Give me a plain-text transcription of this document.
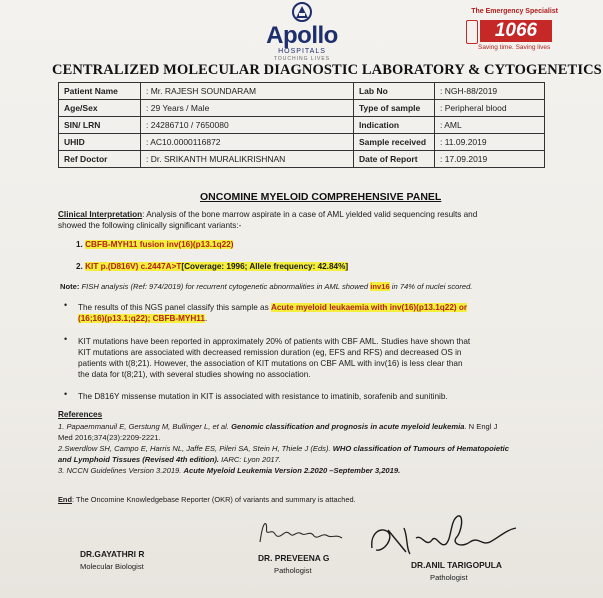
Apollo
HOSPITALS
TOUCHING LIVES
The Emergency Specialist
1066
Saving time. Saving lives
CENTRALIZED MOLECULAR DIAGNOSTIC LABORATORY & CYTOGENETICS
Patient Name	: Mr. RAJESH SOUNDARAM	Lab No	: NGH-88/2019
Age/Sex	: 29 Years / Male	Type of sample	: Peripheral blood
SIN/ LRN	: 24286710 / 7650080	Indication	: AML
UHID	: AC10.0000116872	Sample received	: 11.09.2019
Ref Doctor	: Dr. SRIKANTH MURALIKRISHNAN	Date of Report	: 17.09.2019
ONCOMINE MYELOID COMPREHENSIVE PANEL
Clinical Interpretation: Analysis of the bone marrow aspirate in a case of AML yielded valid sequencing results and
showed the following clinically significant variants:-
1. CBFB-MYH11 fusion inv(16)(p13.1q22)
2. KIT p.(D816V) c.2447A>T[Coverage: 1996; Allele frequency: 42.84%]
Note: FISH analysis (Ref: 974/2019) for recurrent cytogenetic abnormalities in AML showed inv16 in 74% of nuclei scored.
• The results of this NGS panel classify this sample as Acute myeloid leukaemia with inv(16)(p13.1q22) or
(16;16)(p13.1;q22); CBFB-MYH11.
• KIT mutations have been reported in approximately 20% of patients with CBF AML. Studies have shown that
KIT mutations are associated with decreased remission duration (eg, EFS and RFS) and decreased OS in
patients with t(8;21). However, the association of KIT mutations on CBF AML with inv(16) is less clear than
the data for t(8;21), with several studies showing no association.
• The D816Y missense mutation in KIT is associated with resistance to imatinib, sorafenib and sunitinib.
References
1. Papaemmanuil E, Gerstung M, Bullinger L, et al. Genomic classification and prognosis in acute myeloid leukemia. N Engl J
Med 2016;374(23):2209-2221.
2.Swerdlow SH, Campo E, Harris NL, Jaffe ES, Pileri SA, Stein H, Thiele J (Eds). WHO classification of Tumours of Hematopoietic
and Lymphoid Tissues (Revised 4th edition). IARC: Lyon 2017.
3. NCCN Guidelines Version 3.2019. Acute Myeloid Leukemia Version 2.2020 –September 3,2019.
End: The Oncomine Knowledgebase Reporter (OKR) of variants and summary is attached.
DR.GAYATHRI R
Molecular Biologist
DR. PREVEENA G
Pathologist
DR.ANIL TARIGOPULA
Pathologist
